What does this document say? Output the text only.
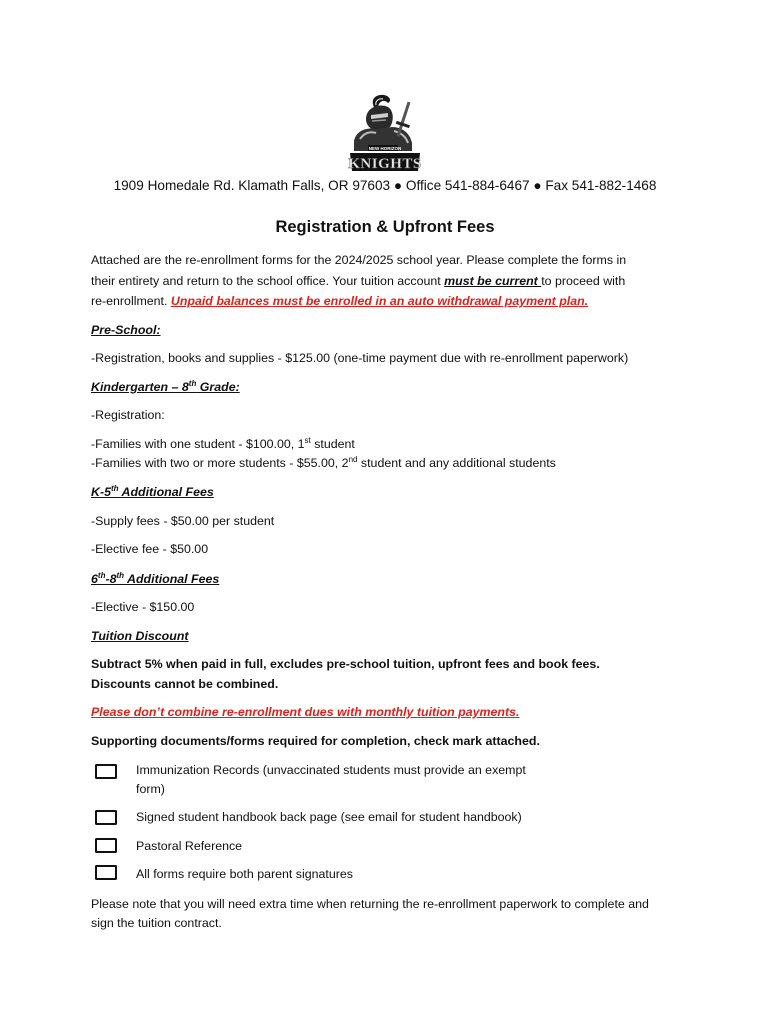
NEW HORIZON
KNIGHTS
1909 Homedale Rd. Klamath Falls, OR 97603 ● Office 541-884-6467 ● Fax 541-882-1468
Registration & Upfront Fees
Attached are the re-enrollment forms for the 2024/2025 school year. Please complete the forms in
their entirety and return to the school office. Your tuition account must be current to proceed with
re-enrollment. Unpaid balances must be enrolled in an auto withdrawal payment plan.
Pre-School:
-Registration, books and supplies - $125.00 (one-time payment due with re-enrollment paperwork)
Kindergarten – 8th Grade:
-Registration:
-Families with one student - $100.00, 1st student
-Families with two or more students - $55.00, 2nd student and any additional students
K-5th Additional Fees
-Supply fees - $50.00 per student
-Elective fee - $50.00
6th-8th Additional Fees
-Elective - $150.00
Tuition Discount
Subtract 5% when paid in full, excludes pre-school tuition, upfront fees and book fees.
Discounts cannot be combined.
Please don’t combine re-enrollment dues with monthly tuition payments.
Supporting documents/forms required for completion, check mark attached.
Immunization Records (unvaccinated students must provide an exempt form)
Signed student handbook back page (see email for student handbook)
Pastoral Reference
All forms require both parent signatures
Please note that you will need extra time when returning the re-enrollment paperwork to complete and
sign the tuition contract.
